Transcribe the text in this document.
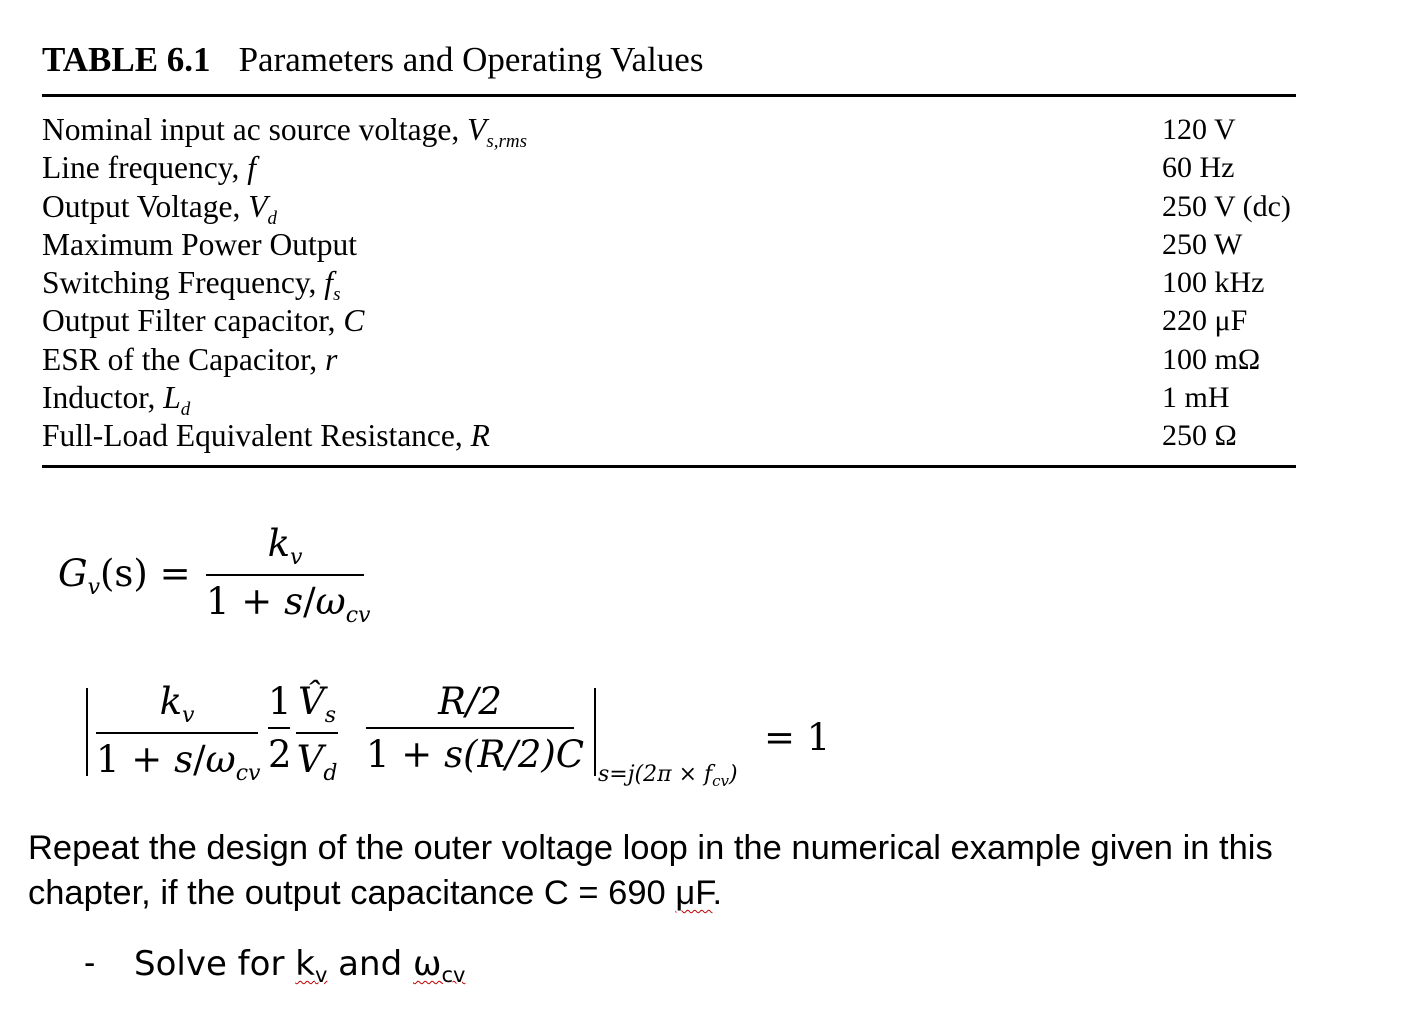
TABLE 6.1 Parameters and Operating Values
Nominal input ac source voltage, $V_{s,rms}$	120 V
Line frequency, f	60 Hz
Output Voltage, $V_d$	250 V (dc)
Maximum Power Output	250 W
Switching Frequency, $f_s$	100 kHz
Output Filter capacitor, C	220 μF
ESR of the Capacitor, r	100 mΩ
Inductor, $L_d$	1 mH
Full-Load Equivalent Resistance, R	250 Ω
$G_v(s)$ =
$k_v$
$1 + s/\omega_{cv}$
$k_v$
$1 + s/\omega_{cv}$
1
2
$V̂_s$
$V_d$
R/2
1 + s(R/2)C $s=j(2\pi \times f_{cv})$
= 1
Repeat the design of the outer voltage loop in the numerical example given in this chapter, if the output capacitance C = 690 μF.
- Solve for $k_v$ and $\omega_{cv}$
